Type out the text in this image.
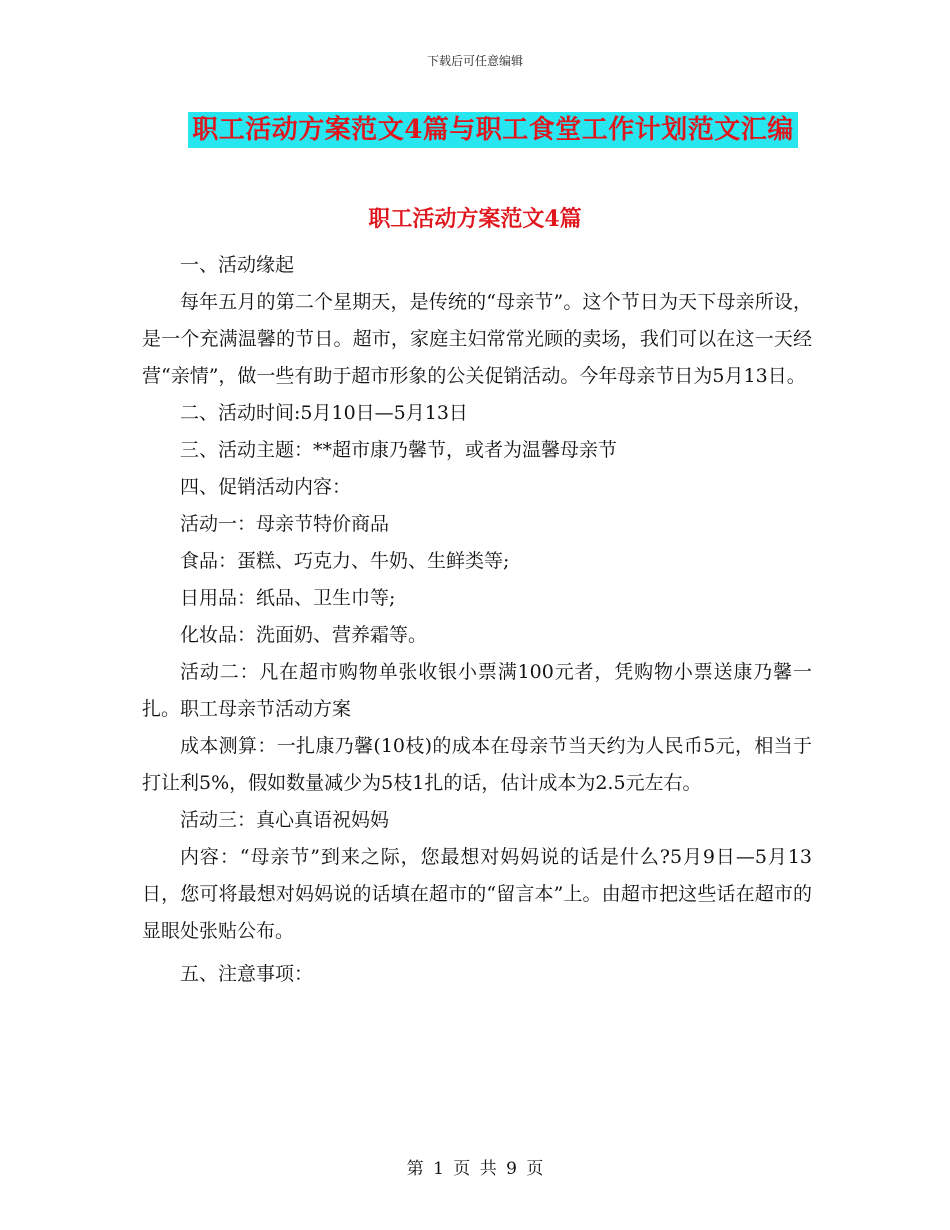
下载后可任意编辑
职工活动方案范文4篇与职工食堂工作计划范文汇编
职工活动方案范文4篇

一、活动缘起

每年五月的第二个星期天，是传统的“母亲节”。这个节日为天下母亲所设，是一个充满温馨的节日。超市，家庭主妇常常光顾的卖场，我们可以在这一天经营“亲情”，做一些有助于超市形象的公关促销活动。今年母亲节日为5月13日。

二、活动时间:5月10日—5月13日

三、活动主题：**超市康乃馨节，或者为温馨母亲节

四、促销活动内容：

活动一：母亲节特价商品

食品：蛋糕、巧克力、牛奶、生鲜类等;

日用品：纸品、卫生巾等;

化妆品：洗面奶、营养霜等。

活动二：凡在超市购物单张收银小票满100元者，凭购物小票送康乃馨一扎。职工母亲节活动方案

成本测算：一扎康乃馨(10枝)的成本在母亲节当天约为人民币5元，相当于打让利5%，假如数量减少为5枝1扎的话，估计成本为2.5元左右。

活动三：真心真语祝妈妈

内容：“母亲节”到来之际，您最想对妈妈说的话是什么?5月9日—5月13日，您可将最想对妈妈说的话填在超市的“留言本”上。由超市把这些话在超市的显眼处张贴公布。

五、注意事项：

第 1 页 共 9 页
